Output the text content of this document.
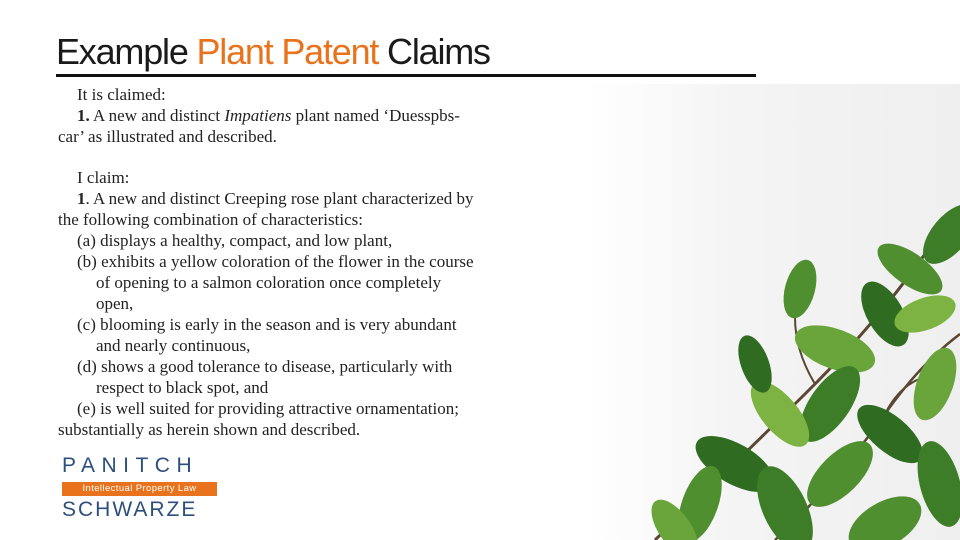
Example Plant Patent Claims

It is claimed:

1. A new and distinct Impatiens plant named ‘Duesspbs-

car’ as illustrated and described.

I claim:

1. A new and distinct Creeping rose plant characterized by

the following combination of characteristics:

(a) displays a healthy, compact, and low plant,

(b) exhibits a yellow coloration of the flower in the course

of opening to a salmon coloration once completely

open,

(c) blooming is early in the season and is very abundant

and nearly continuous,

(d) shows a good tolerance to disease, particularly with

respect to black spot, and

(e) is well suited for providing attractive ornamentation;

substantially as herein shown and described.

PANITCH
Intellectual Property Law
SCHWARZE
